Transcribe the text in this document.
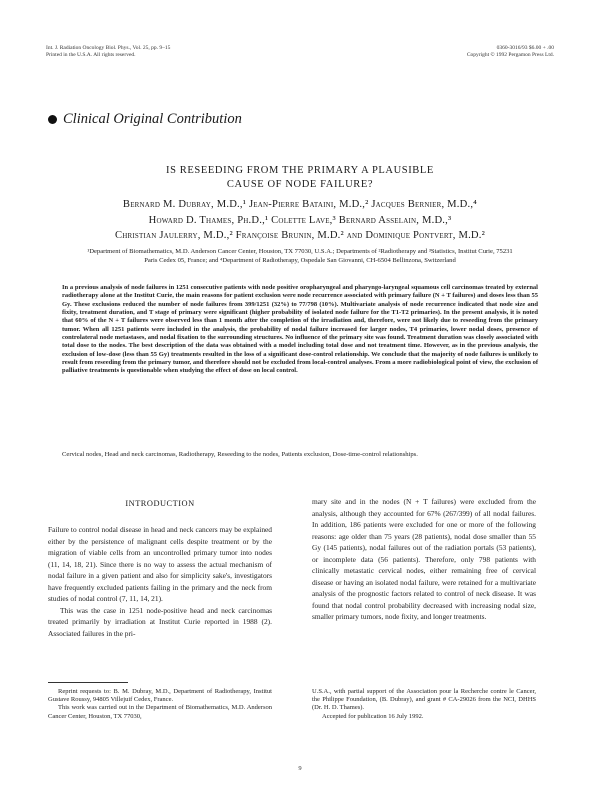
Int. J. Radiation Oncology Biol. Phys., Vol. 25, pp. 9–15
Printed in the U.S.A. All rights reserved.
0360-3016/93 $6.00 + .00
Copyright © 1992 Pergamon Press Ltd.
Clinical Original Contribution
IS RESEEDING FROM THE PRIMARY A PLAUSIBLE
CAUSE OF NODE FAILURE?
Bernard M. Dubray, M.D.,¹ Jean-Pierre Bataini, M.D.,² Jacques Bernier, M.D.,⁴
Howard D. Thames, Ph.D.,¹ Colette Lave,³ Bernard Asselain, M.D.,³
Christian Jaulerry, M.D.,² Françoise Brunin, M.D.² and Dominique Pontvert, M.D.²
¹Department of Biomathematics, M.D. Anderson Cancer Center, Houston, TX 77030, U.S.A.; Departments of ²Radiotherapy and ³Statistics, Institut Curie, 75231 Paris Cedex 05, France; and ⁴Department of Radiotherapy, Ospedale San Giovanni, CH-6504 Bellinzona, Switzerland
In a previous analysis of node failures in 1251 consecutive patients with node positive oropharyngeal and pharyngo-laryngeal squamous cell carcinomas treated by external radiotherapy alone at the Institut Curie, the main reasons for patient exclusion were node recurrence associated with primary failure (N + T failures) and doses less than 55 Gy. These exclusions reduced the number of node failures from 399/1251 (32%) to 77/798 (10%). Multivariate analysis of node recurrence indicated that node size and fixity, treatment duration, and T stage of primary were significant (higher probability of isolated node failure for the T1-T2 primaries). In the present analysis, it is noted that 60% of the N + T failures were observed less than 1 month after the completion of the irradiation and, therefore, were not likely due to reseeding from the primary tumor. When all 1251 patients were included in the analysis, the probability of nodal failure increased for larger nodes, T4 primaries, lower nodal doses, presence of controlateral node metastases, and nodal fixation to the surrounding structures. No influence of the primary site was found. Treatment duration was closely associated with total dose to the nodes. The best description of the data was obtained with a model including total dose and not treatment time. However, as in the previous analysis, the exclusion of low-dose (less than 55 Gy) treatments resulted in the loss of a significant dose-control relationship. We conclude that the majority of node failures is unlikely to result from reseeding from the primary tumor, and therefore should not be excluded from local-control analyses. From a more radiobiological point of view, the exclusion of palliative treatments is questionable when studying the effect of dose on local control.
Cervical nodes, Head and neck carcinomas, Radiotherapy, Reseeding to the nodes, Patients exclusion, Dose-time-control relationships.
INTRODUCTION

Failure to control nodal disease in head and neck cancers may be explained either by the persistence of malignant cells despite treatment or by the migration of viable cells from an uncontrolled primary tumor into nodes (11, 14, 18, 21). Since there is no way to assess the actual mechanism of nodal failure in a given patient and also for simplicity sake's, investigators have frequently excluded patients failing in the primary and the neck from studies of nodal control (7, 11, 14, 21).

This was the case in 1251 node-positive head and neck carcinomas treated primarily by irradiation at Institut Curie reported in 1988 (2). Associated failures in the pri-

mary site and in the nodes (N + T failures) were excluded from the analysis, although they accounted for 67% (267/399) of all nodal failures. In addition, 186 patients were excluded for one or more of the following reasons: age older than 75 years (28 patients), nodal dose smaller than 55 Gy (145 patients), nodal failures out of the radiation portals (53 patients), or incomplete data (56 patients). Therefore, only 798 patients with clinically metastatic cervical nodes, either remaining free of cervical disease or having an isolated nodal failure, were retained for a multivariate analysis of the prognostic factors related to control of neck disease. It was found that nodal control probability decreased with increasing nodal size, smaller primary tumors, node fixity, and longer treatments.

Reprint requests to: B. M. Dubray, M.D., Department of Radiotherapy, Institut Gustave Roussy, 94805 Villejuif Cedex, France.

This work was carried out in the Department of Biomathematics, M.D. Anderson Cancer Center, Houston, TX 77030,

U.S.A., with partial support of the Association pour la Recherche contre le Cancer, the Philippe Foundation, (B. Dubray), and grant # CA-29026 from the NCI, DHHS (Dr. H. D. Thames).

Accepted for publication 16 July 1992.

9
